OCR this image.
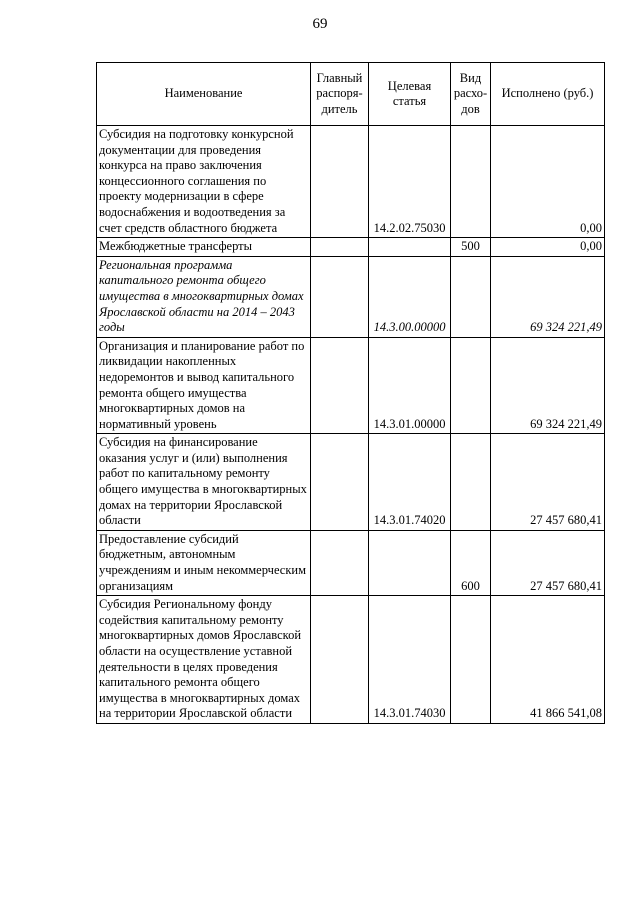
69
Наименование	Главный распоря- дитель	Целевая статья	Вид расхо- дов	Исполнено (руб.)
Субсидия на подготовку конкурсной документации для проведения конкурса на право заключения концессионного соглашения по проекту модернизации в сфере водоснабжения и водоотведения за счет средств областного бюджета		14.2.02.75030		0,00
Межбюджетные трансферты			500	0,00
Региональная программа капитального ремонта общего имущества в многоквартирных домах Ярославской области на 2014 – 2043 годы		14.3.00.00000		69 324 221,49
Организация и планирование работ по ликвидации накопленных недоремонтов и вывод капитального ремонта общего имущества многоквартирных домов на нормативный уровень		14.3.01.00000		69 324 221,49
Субсидия на финансирование оказания услуг и (или) выполнения работ по капитальному ремонту общего имущества в многоквартирных домах на территории Ярославской области		14.3.01.74020		27 457 680,41
Предоставление субсидий бюджетным, автономным учреждениям и иным некоммерческим организациям			600	27 457 680,41
Субсидия Региональному фонду содействия капитальному ремонту многоквартирных домов Ярославской области на осуществление уставной деятельности в целях проведения капитального ремонта общего имущества в многоквартирных домах на территории Ярославской области		14.3.01.74030		41 866 541,08
